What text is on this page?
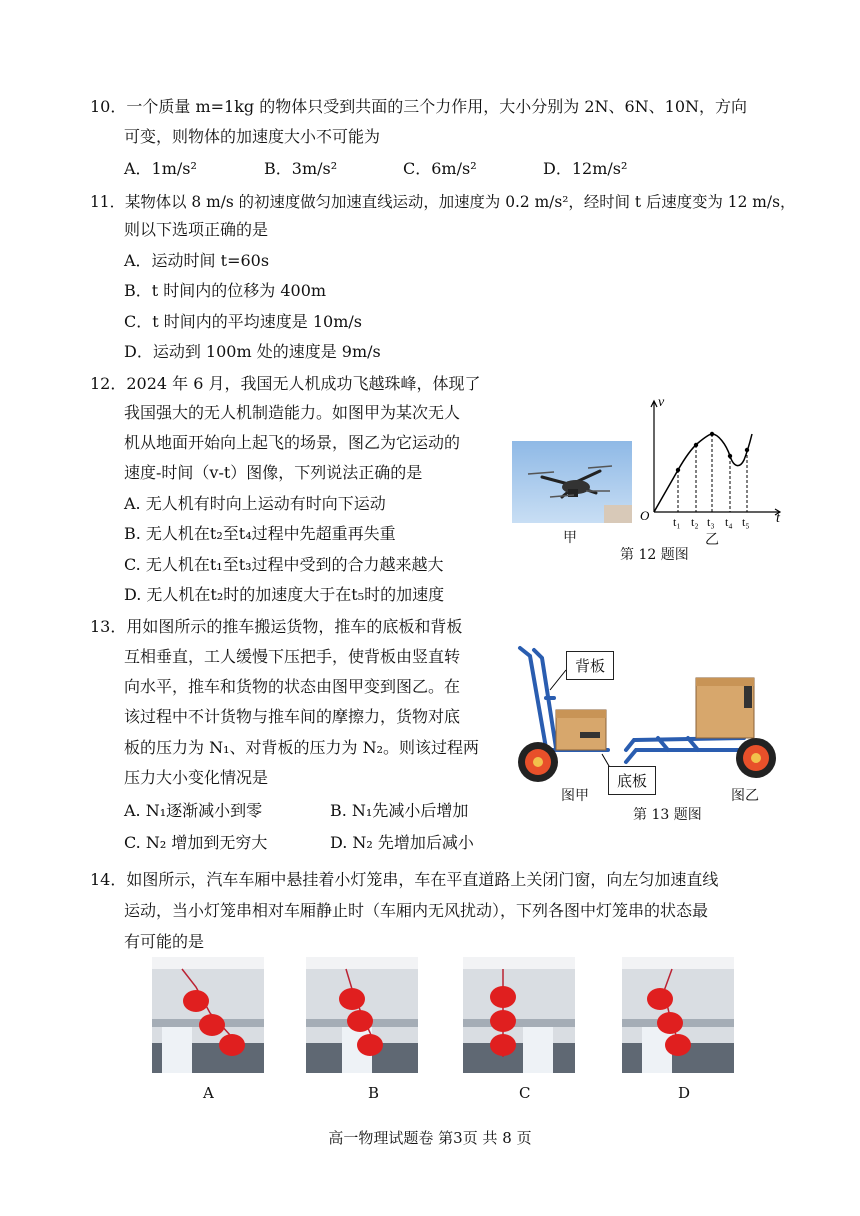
10．一个质量 m=1kg 的物体只受到共面的三个力作用，大小分别为 2N、6N、10N，方向
可变，则物体的加速度大小不可能为
A．1m/s²	B．3m/s²	C．6m/s²	D．12m/s²
11．某物体以 8 m/s 的初速度做匀加速直线运动，加速度为 0.2 m/s²，经时间 t 后速度变为 12 m/s，
则以下选项正确的是
A．运动时间 t=60s
B．t 时间内的位移为 400m
C．t 时间内的平均速度是 10m/s
D．运动到 100m 处的速度是 9m/s
12．2024 年 6 月，我国无人机成功飞越珠峰，体现了
我国强大的无人机制造能力。如图甲为某次无人
机从地面开始向上起飞的场景，图乙为它运动的
速度-时间（v-t）图像，下列说法正确的是
A. 无人机有时向上运动有时向下运动
B. 无人机在t₂至t₄过程中先超重再失重
C. 无人机在t₁至t₃过程中受到的合力越来越大
D. 无人机在t₂时的加速度大于在t₅时的加速度
甲
v
t
O t₁ t₂ t₃ t₄ t₅
乙
第 12 题图
13．用如图所示的推车搬运货物，推车的底板和背板
互相垂直，工人缓慢下压把手，使背板由竖直转
向水平，推车和货物的状态由图甲变到图乙。在
该过程中不计货物与推车间的摩擦力，货物对底
板的压力为 N₁、对背板的压力为 N₂。则该过程两
压力大小变化情况是
A. N₁逐渐减小到零	B. N₁先减小后增加
C. N₂ 增加到无穷大	D. N₂ 先增加后减小
背板
底板
图甲	图乙
第 13 题图
14．如图所示，汽车车厢中悬挂着小灯笼串，车在平直道路上关闭门窗，向左匀加速直线
运动，当小灯笼串相对车厢静止时（车厢内无风扰动），下列各图中灯笼串的状态最
有可能的是
A	B	C	D
高一物理试题卷 第3页 共 8 页
